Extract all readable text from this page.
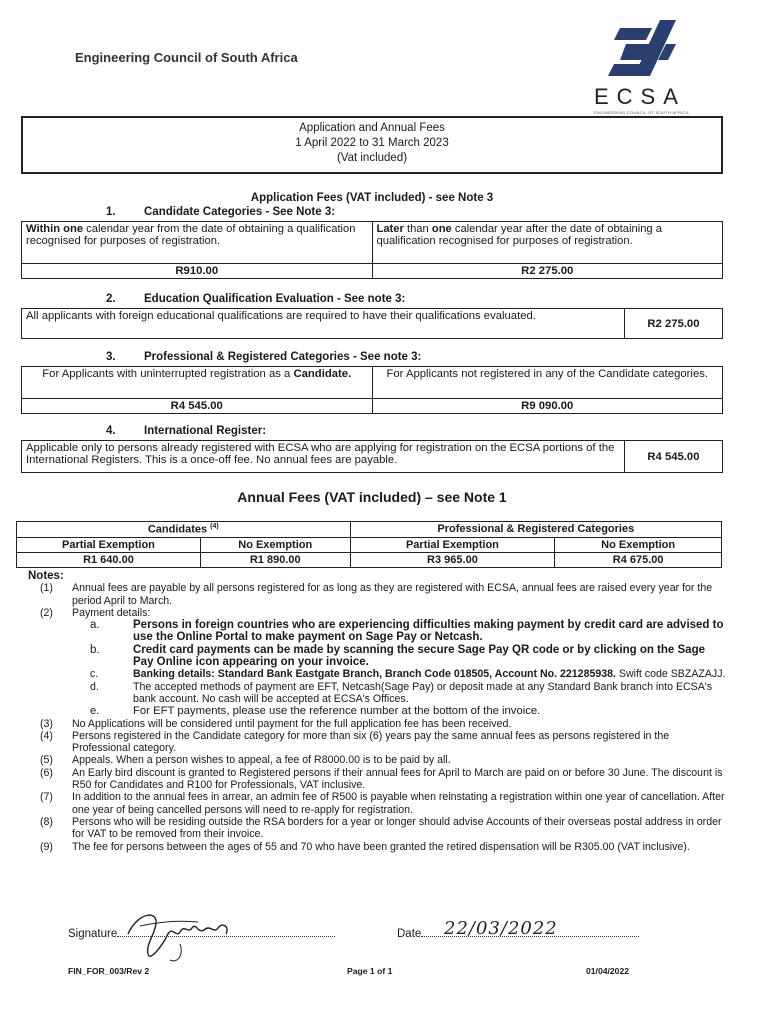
Engineering Council of South Africa
ECSA
ENGINEERING COUNCIL OF SOUTH AFRICA
Application and Annual Fees
1 April 2022 to 31 March 2023
(Vat included)
Application Fees (VAT included) - see Note 3
1. Candidate Categories - See Note 3:
Within one calendar year from the date of obtaining a qualification recognised for purposes of registration.	Later than one calendar year after the date of obtaining a qualification recognised for purposes of registration.
R910.00	R2 275.00
2. Education Qualification Evaluation - See note 3:
All applicants with foreign educational qualifications are required to have their qualifications evaluated.	R2 275.00
3. Professional & Registered Categories - See note 3:
For Applicants with uninterrupted registration as a Candidate.	For Applicants not registered in any of the Candidate categories.
R4 545.00	R9 090.00
4. International Register:
Applicable only to persons already registered with ECSA who are applying for registration on the ECSA portions of the International Registers. This is a once-off fee. No annual fees are payable.	R4 545.00
Annual Fees (VAT included) – see Note 1
Candidates $^{(4)}$		Professional & Registered Categories	
Partial Exemption	No Exemption	Partial Exemption	No Exemption
R1 640.00	R1 890.00	R3 965.00	R4 675.00
Notes:
(1) Annual fees are payable by all persons registered for as long as they are registered with ECSA, annual fees are raised every year for the period April to March.
(2) Payment details:
a.	Persons in foreign countries who are experiencing difficulties making payment by credit card are advised to use the Online Portal to make payment on Sage Pay or Netcash.
b.	Credit card payments can be made by scanning the secure Sage Pay QR code or by clicking on the Sage Pay Online icon appearing on your invoice.
c.	Banking details: Standard Bank Eastgate Branch, Branch Code 018505, Account No. 221285938. Swift code SBZAZAJJ.
d.	The accepted methods of payment are EFT, Netcash(Sage Pay) or deposit made at any Standard Bank branch into ECSA's bank account. No cash will be accepted at ECSA's Offices.
e.	For EFT payments, please use the reference number at the bottom of the invoice.
(3) No Applications will be considered until payment for the full application fee has been received.
(4) Persons registered in the Candidate category for more than six (6) years pay the same annual fees as persons registered in the Professional category.
(5) Appeals. When a person wishes to appeal, a fee of R8000.00 is to be paid by all.
(6) An Early bird discount is granted to Registered persons if their annual fees for April to March are paid on or before 30 June. The discount is R50 for Candidates and R100 for Professionals, VAT inclusive.
(7) In addition to the annual fees in arrear, an admin fee of R500 is payable when reinstating a registration within one year of cancellation. After one year of being cancelled persons will need to re-apply for registration.
(8) Persons who will be residing outside the RSA borders for a year or longer should advise Accounts of their overseas postal address in order for VAT to be removed from their invoice.
(9) The fee for persons between the ages of 55 and 70 who have been granted the retired dispensation will be R305.00 (VAT inclusive).
Signature	Date	22/03/2022
FIN_FOR_003/Rev 2	Page 1 of 1	01/04/2022
